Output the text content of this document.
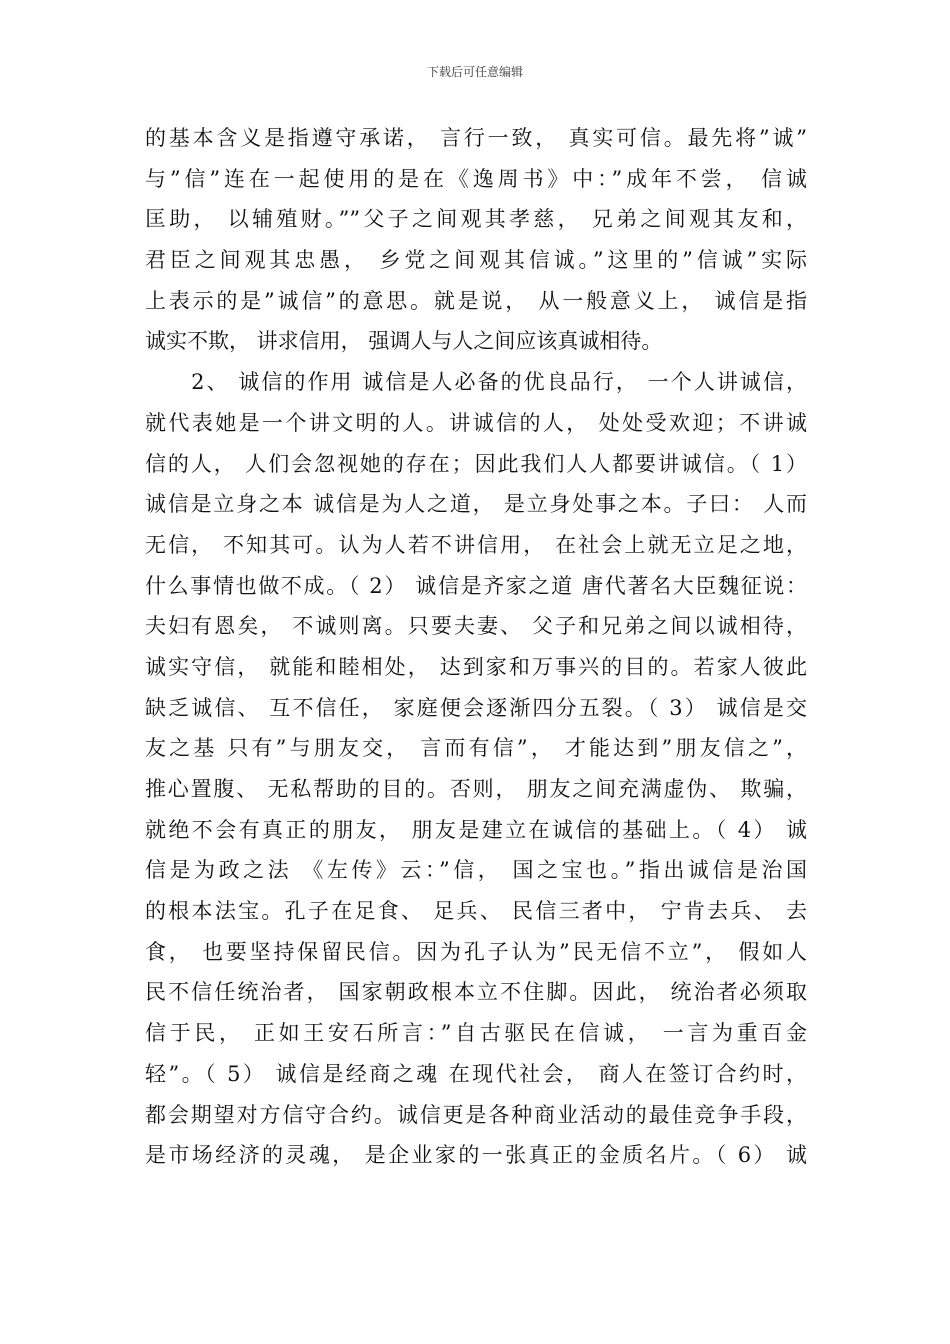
下载后可任意编辑
的基本含义是指遵守承诺， 言行一致， 真实可信。最先将”诚”
与”信”连在一起使用的是在《逸周书》中：”成年不尝， 信诚
匡助， 以辅殖财。””父子之间观其孝慈， 兄弟之间观其友和，
君臣之间观其忠愚， 乡党之间观其信诚。”这里的”信诚”实际
上表示的是”诚信”的意思。就是说， 从一般意义上， 诚信是指
诚实不欺， 讲求信用， 强调人与人之间应该真诚相待。
　　2、 诚信的作用 诚信是人必备的优良品行， 一个人讲诚信，
就代表她是一个讲文明的人。讲诚信的人， 处处受欢迎；不讲诚
信的人， 人们会忽视她的存在；因此我们人人都要讲诚信。（ 1）
诚信是立身之本 诚信是为人之道， 是立身处事之本。子曰： 人而
无信， 不知其可。认为人若不讲信用， 在社会上就无立足之地，
什么事情也做不成。（ 2） 诚信是齐家之道 唐代著名大臣魏征说：
夫妇有恩矣， 不诚则离。只要夫妻、 父子和兄弟之间以诚相待，
诚实守信， 就能和睦相处， 达到家和万事兴的目的。若家人彼此
缺乏诚信、 互不信任， 家庭便会逐渐四分五裂。（ 3） 诚信是交
友之基 只有”与朋友交， 言而有信”， 才能达到”朋友信之”，
推心置腹、 无私帮助的目的。否则， 朋友之间充满虚伪、 欺骗，
就绝不会有真正的朋友， 朋友是建立在诚信的基础上。（ 4） 诚
信是为政之法 《左传》云：”信， 国之宝也。”指出诚信是治国
的根本法宝。孔子在足食、 足兵、 民信三者中， 宁肯去兵、 去
食， 也要坚持保留民信。因为孔子认为”民无信不立”， 假如人
民不信任统治者， 国家朝政根本立不住脚。因此， 统治者必须取
信于民， 正如王安石所言：”自古驱民在信诚， 一言为重百金
轻”。（ 5） 诚信是经商之魂 在现代社会， 商人在签订合约时，
都会期望对方信守合约。诚信更是各种商业活动的最佳竞争手段，
是市场经济的灵魂， 是企业家的一张真正的金质名片。（ 6） 诚
